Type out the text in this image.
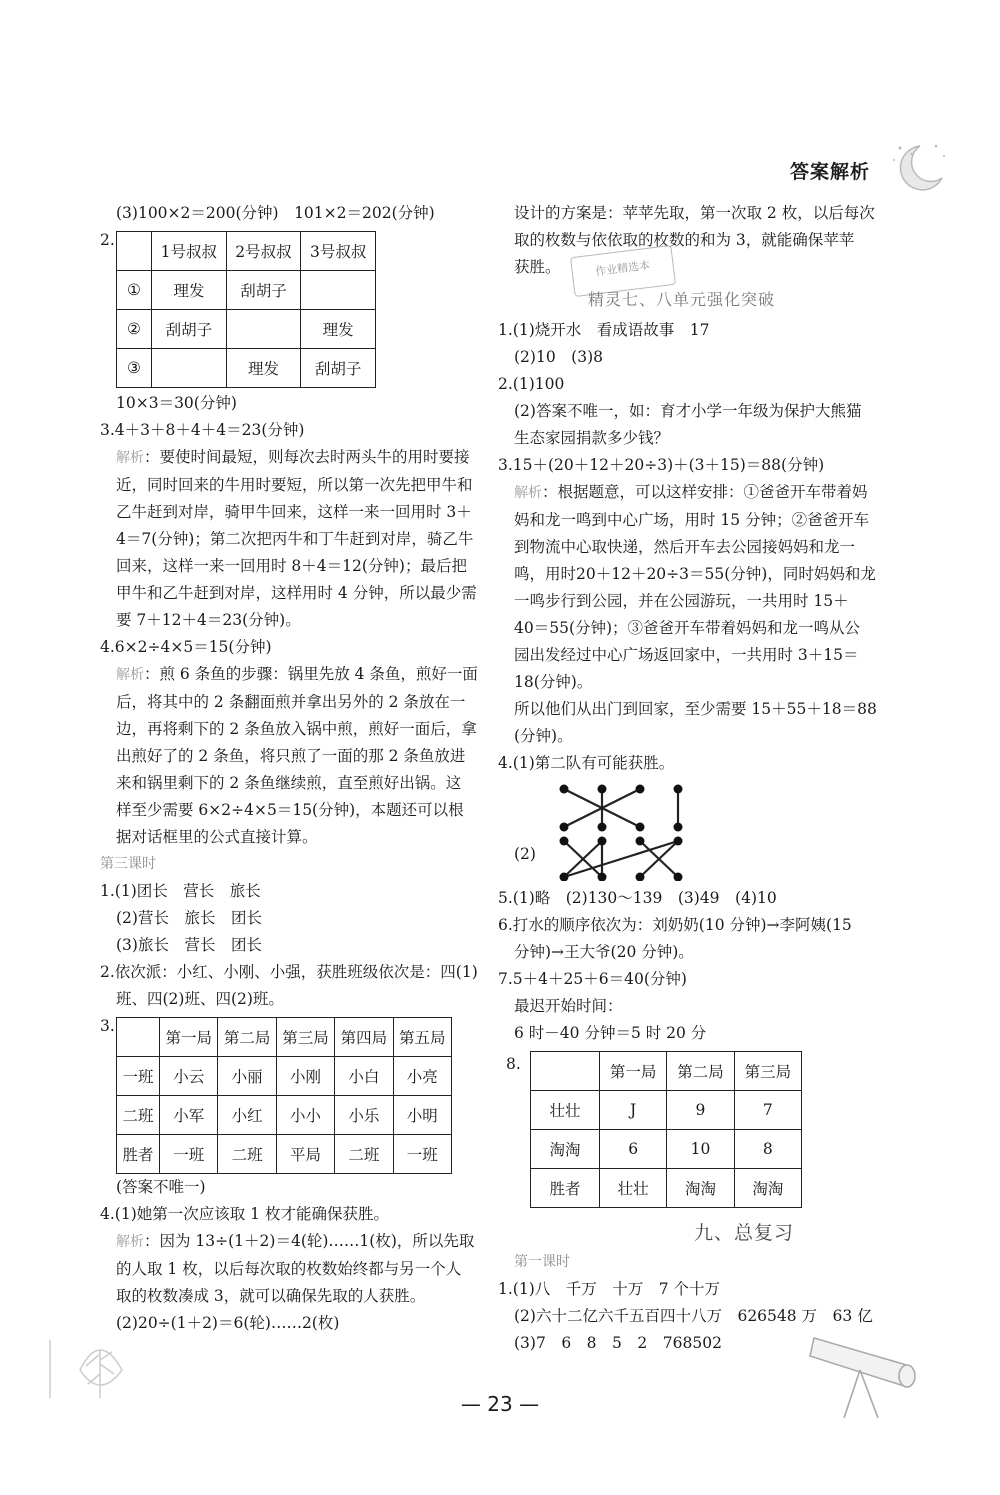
答案解析
(3)100×2＝200(分钟)　101×2＝202(分钟)
2.
	1号叔叔	2号叔叔	3号叔叔
①	理发	刮胡子	
②	刮胡子		理发
③		理发	刮胡子
10×3＝30(分钟)
3.4＋3＋8＋4＋4＝23(分钟)
解析：要使时间最短，则每次去时两头牛的用时要接
近，同时回来的牛用时要短，所以第一次先把甲牛和
乙牛赶到对岸，骑甲牛回来，这样一来一回用时 3＋
4＝7(分钟)；第二次把丙牛和丁牛赶到对岸，骑乙牛
回来，这样一来一回用时 8＋4＝12(分钟)；最后把
甲牛和乙牛赶到对岸，这样用时 4 分钟，所以最少需
要 7＋12＋4＝23(分钟)。
4.6×2÷4×5＝15(分钟)
解析：煎 6 条鱼的步骤：锅里先放 4 条鱼，煎好一面
后，将其中的 2 条翻面煎并拿出另外的 2 条放在一
边，再将剩下的 2 条鱼放入锅中煎，煎好一面后，拿
出煎好了的 2 条鱼，将只煎了一面的那 2 条鱼放进
来和锅里剩下的 2 条鱼继续煎，直至煎好出锅。这
样至少需要 6×2÷4×5＝15(分钟)，本题还可以根
据对话框里的公式直接计算。
第三课时
1.(1)团长　营长　旅长
(2)营长　旅长　团长
(3)旅长　营长　团长
2.依次派：小红、小刚、小强，获胜班级依次是：四(1)
班、四(2)班、四(2)班。
3.
	第一局	第二局	第三局	第四局	第五局
一班	小云	小丽	小刚	小白	小亮
二班	小军	小红	小小	小乐	小明
胜者	一班	二班	平局	二班	一班
(答案不唯一)
4.(1)她第一次应该取 1 枚才能确保获胜。
解析：因为 13÷(1＋2)＝4(轮)……1(枚)，所以先取
的人取 1 枚，以后每次取的枚数始终都与另一个人
取的枚数凑成 3，就可以确保先取的人获胜。
(2)20÷(1＋2)＝6(轮)……2(枚)
设计的方案是：苹苹先取，第一次取 2 枚，以后每次
取的枚数与依依取的枚数的和为 3，就能确保苹苹
获胜。	作业精选本
精灵七、八单元强化突破
1.(1)烧开水　看成语故事　17
(2)10　(3)8
2.(1)100
(2)答案不唯一，如：育才小学一年级为保护大熊猫
生态家园捐款多少钱？
3.15＋(20＋12＋20÷3)＋(3＋15)＝88(分钟)
解析：根据题意，可以这样安排：①爸爸开车带着妈
妈和龙一鸣到中心广场，用时 15 分钟；②爸爸开车
到物流中心取快递，然后开车去公园接妈妈和龙一
鸣，用时20＋12＋20÷3＝55(分钟)，同时妈妈和龙
一鸣步行到公园，并在公园游玩，一共用时 15＋
40＝55(分钟)；③爸爸开车带着妈妈和龙一鸣从公
园出发经过中心广场返回家中，一共用时 3＋15＝
18(分钟)。
所以他们从出门到回家，至少需要 15＋55＋18＝88
(分钟)。
4.(1)第二队有可能获胜。
(2)
5.(1)略　(2)130～139　(3)49　(4)10
6.打水的顺序依次为：刘奶奶(10 分钟)→李阿姨(15
分钟)→王大爷(20 分钟)。
7.5＋4＋25＋6＝40(分钟)
最迟开始时间：
6 时－40 分钟＝5 时 20 分
8.
		第一局	第二局	第三局
壮壮	J	9	7
淘淘	6	10	8
胜者	壮壮	淘淘	淘淘
九、总复习
第一课时
1.(1)八　千万　十万　7 个十万
(2)六十二亿六千五百四十八万　626548 万　63 亿
(3)7　6　8　5　2　768502
— 23 —
